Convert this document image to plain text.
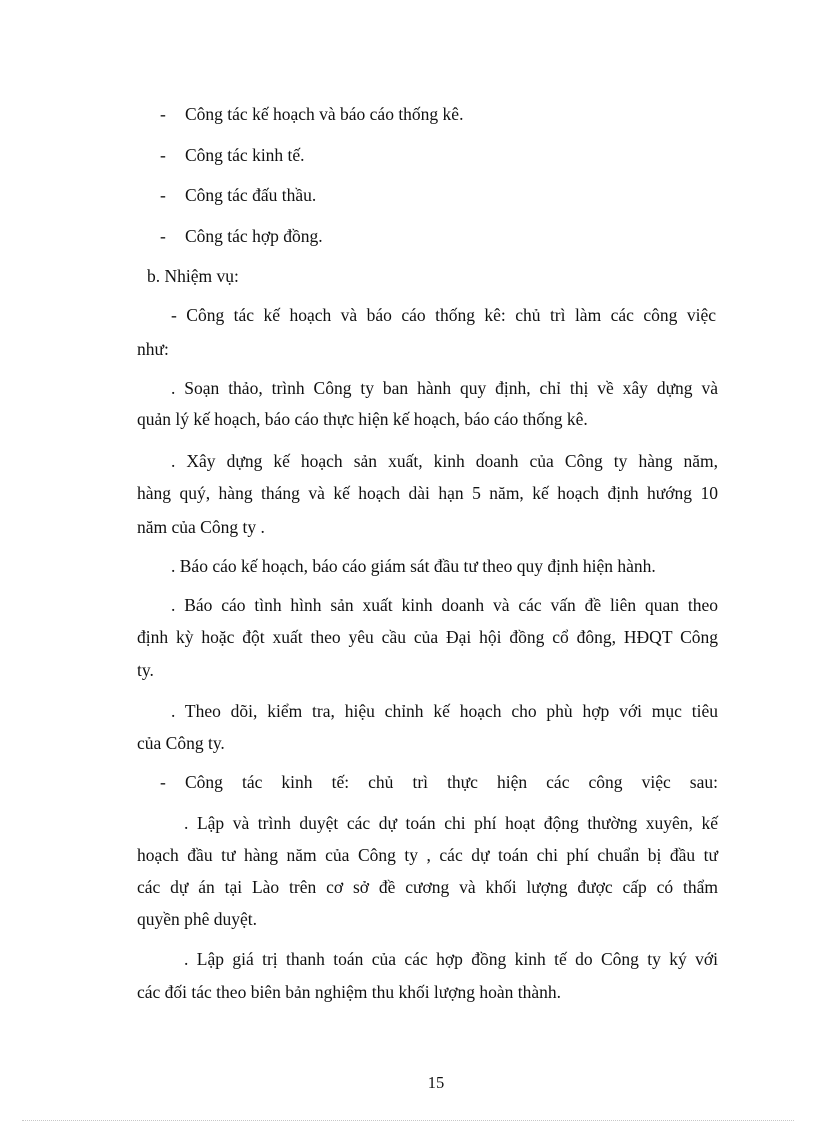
- Công tác kế hoạch và báo cáo thống kê.

- Công tác kinh tế.

- Công tác đấu thầu.

- Công tác hợp đồng.

b. Nhiệm vụ:

- Công tác kế hoạch và báo cáo thống kê: chủ trì làm các công việc

như:

. Soạn thảo, trình Công ty ban hành quy định, chỉ thị về xây dựng và

quản lý kế hoạch, báo cáo thực hiện kế hoạch, báo cáo thống kê.

. Xây dựng kế hoạch sản xuất, kinh doanh của Công ty hàng năm,

hàng quý, hàng tháng và kế hoạch dài hạn 5 năm, kế hoạch định hướng 10

năm của Công ty .

. Báo cáo kế hoạch, báo cáo giám sát đầu tư theo quy định hiện hành.

. Báo cáo tình hình sản xuất kinh doanh và các vấn đề liên quan theo

định kỳ hoặc đột xuất theo yêu cầu của Đại hội đồng cổ đông, HĐQT Công

ty.

. Theo dõi, kiểm tra, hiệu chỉnh kế hoạch cho phù hợp với mục tiêu

của Công ty.

- Công tác kinh tế: chủ trì thực hiện các công việc sau:

. Lập và trình duyệt các dự toán chi phí hoạt động thường xuyên, kế

hoạch đầu tư hàng năm của Công ty , các dự toán chi phí chuẩn bị đầu tư

các dự án tại Lào trên cơ sở đề cương và khối lượng được cấp có thẩm

quyền phê duyệt.

. Lập giá trị thanh toán của các hợp đồng kinh tế do Công ty ký với

các đối tác theo biên bản nghiệm thu khối lượng hoàn thành.

15
